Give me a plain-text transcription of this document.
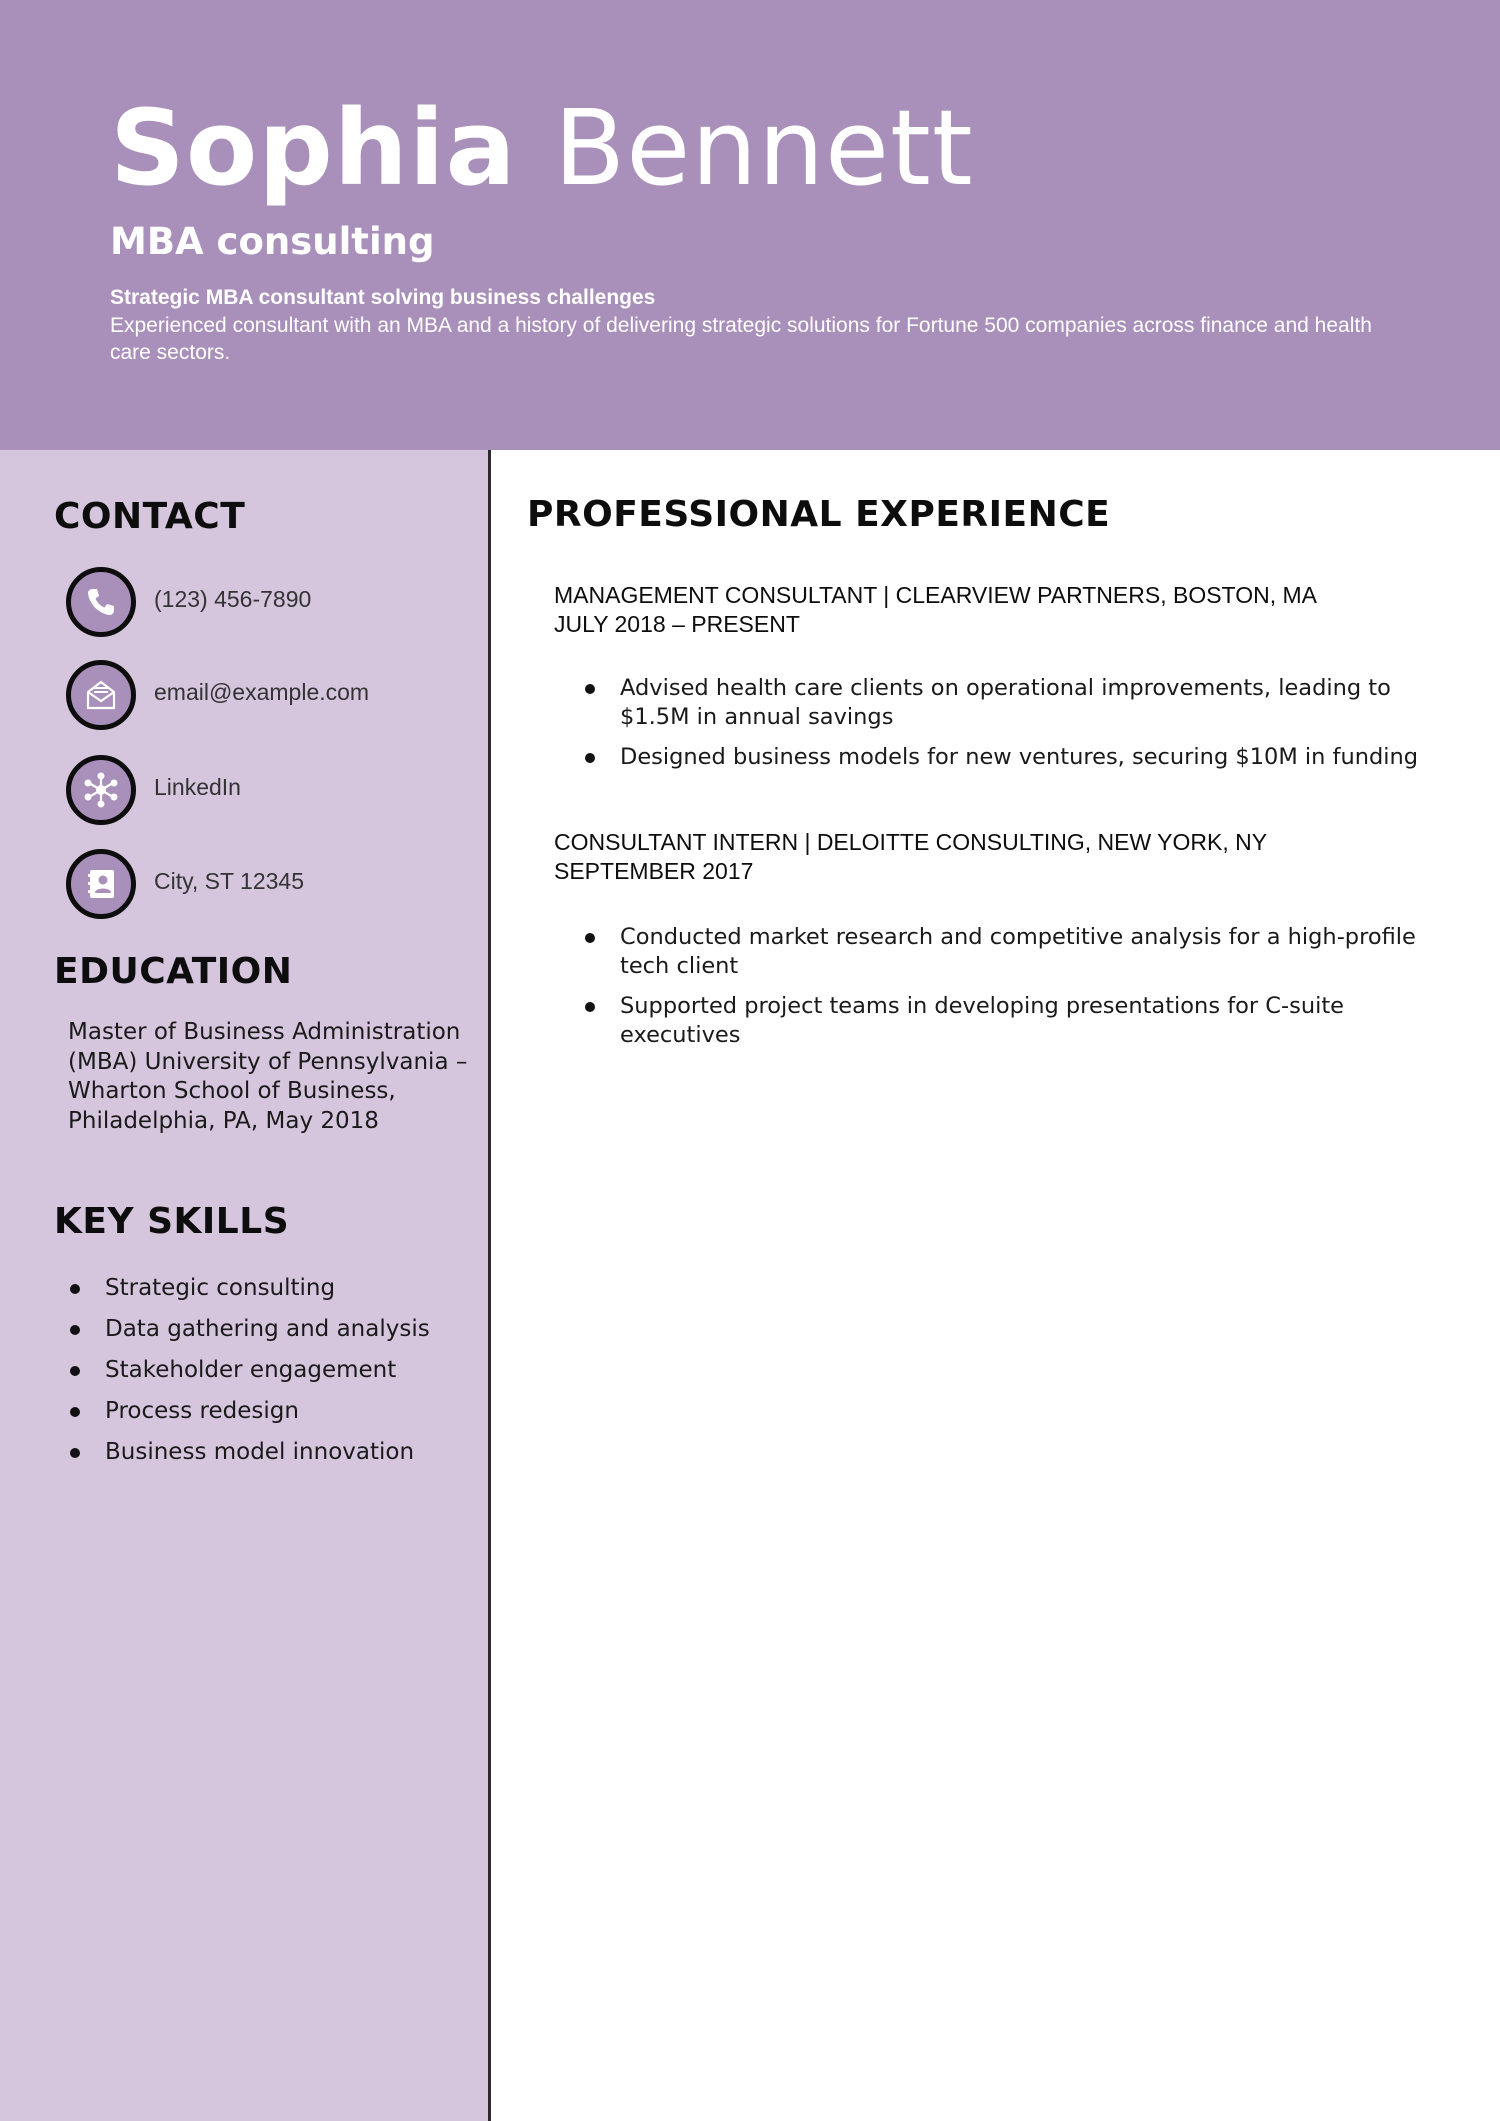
Sophia Bennett
MBA consulting

Strategic MBA consultant solving business challenges

Experienced consultant with an MBA and a history of delivering strategic solutions for Fortune 500 companies across finance and health care sectors.

CONTACT
(123) 456-7890
email@example.com
LinkedIn
City, ST 12345
EDUCATION

Master of Business Administration (MBA) University of Pennsylvania – Wharton School of Business, Philadelphia, PA, May 2018

KEY SKILLS
Strategic consulting
Data gathering and analysis
Stakeholder engagement
Process redesign
Business model innovation
PROFESSIONAL EXPERIENCE

MANAGEMENT CONSULTANT | CLEARVIEW PARTNERS, BOSTON, MA

JULY 2018 – PRESENT

Advised health care clients on operational improvements, leading to $1.5M in annual savings
Designed business models for new ventures, securing $10M in funding

CONSULTANT INTERN | DELOITTE CONSULTING, NEW YORK, NY

SEPTEMBER 2017

Conducted market research and competitive analysis for a high-profile tech client
Supported project teams in developing presentations for C-suite executives
